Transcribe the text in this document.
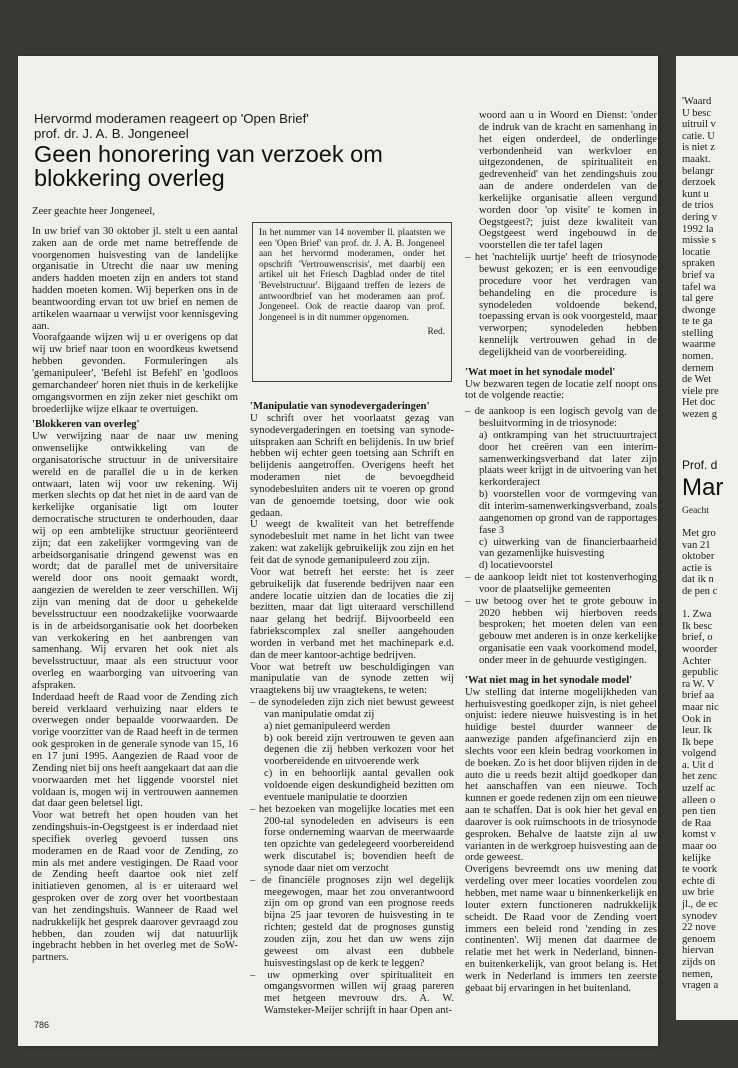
Hervormd moderamen reageert op 'Open Brief' prof. dr. J. A. B. Jongeneel
Geen honorering van verzoek om blokkering overleg

Zeer geachte heer Jongeneel,

In uw brief van 30 oktober jl. stelt u een aantal zaken aan de orde met name betreffende de voorgenomen huisvesting van de landelijke organisatie in Utrecht die naar uw mening anders hadden moeten zijn en anders tot stand hadden moeten komen. Wij beperken ons in de beantwoording ervan tot uw brief en nemen de artikelen waarnaar u verwijst voor kennisgeving aan.

Voorafgaande wijzen wij u er overigens op dat wij uw brief naar toon en woordkeus kwetsend hebben gevonden. Formuleringen als 'gemanipuleer', 'Befehl ist Befehl' en 'godloos gemarchandeer' horen niet thuis in de kerkelijke omgangsvormen en zijn zeker niet geschikt om broederlijke wijze elkaar te overtuigen.

'Blokkeren van overleg'

Uw verwijzing naar de naar uw mening onwenselijke ontwikkeling van de organisatorische structuur in de universitaire wereld en de parallel die u in de kerken ontwaart, laten wij voor uw rekening. Wij merken slechts op dat het niet in de aard van de kerkelijke organisatie ligt om louter democratische structuren te onderhouden, daar wij op een ambtelijke structuur georiënteerd zijn; dat een zakelijker vormgeving van de arbeidsorganisatie dringend gewenst was en wordt; dat de parallel met de universitaire wereld door ons nooit gemaakt wordt, aangezien de werelden te zeer verschillen. Wij zijn van mening dat de door u gehekelde bevelsstructuur een noodzakelijke voorwaarde is in de arbeidsorganisatie ook het doorbeken van verkokering en het aanbrengen van samenhang. Wij ervaren het ook niet als bevelsstructuur, maar als een structuur voor overleg en waarborging van uitvoering van afspraken.

Inderdaad heeft de Raad voor de Zending zich bereid verklaard verhuizing naar elders te overwegen onder bepaalde voorwaarden. De vorige voorzitter van de Raad heeft in de termen ook gesproken in de generale synode van 15, 16 en 17 juni 1995. Aangezien de Raad voor de Zending niet bij ons heeft aangekaart dat aan die voorwaarden met het liggende voorstel niet voldaan is, mogen wij in vertrouwen aannemen dat daar geen beletsel ligt.

Voor wat betreft het open houden van het zendingshuis-in-Oegstgeest is er inderdaad niet specifiek overleg gevoerd tussen ons moderamen en de Raad voor de Zending, zo min als met andere vestigingen. De Raad voor de Zending heeft daartoe ook niet zelf initiatieven genomen, al is er uiteraard wel gesproken over de zorg over het voortbestaan van het zendingshuis. Wanneer de Raad wel nadrukkelijk het gesprek daarover gevraagd zou hebben, dan zouden wij dat natuurlijk ingebracht hebben in het overleg met de SoW-partners.

In het nummer van 14 november ll. plaatsten we een 'Open Brief' van prof. dr. J. A. B. Jongeneel aan het hervormd moderamen, onder het opschrift 'Vertrouwenscrisis', met daarbij een artikel uit het Friesch Dagblad onder de titel 'Bevelstructuur'. Bijgaand treffen de lezers de antwoordbrief van het moderamen aan prof. Jongeneel. Ook de reactie daarop van prof. Jongeneel is in dit nummer opgenomen.
Red.
'Manipulatie van synodevergaderingen'

U schrift over het voorlaatst gezag van synodevergaderingen en toetsing van synode-uitspraken aan Schrift en belijdenis. In uw brief hebben wij echter geen toetsing aan Schrift en belijdenis aangetroffen. Overigens heeft het moderamen niet de bevoegdheid synodebesluiten anders uit te voeren op grond van de genoemde toetsing, door wie ook gedaan.

U weegt de kwaliteit van het betreffende synodebesluit met name in het licht van twee zaken: wat zakelijk gebruikelijk zou zijn en het feit dat de synode gemanipuleerd zou zijn.

Voor wat betreft het eerste: het is zeer gebruikelijk dat fuserende bedrijven naar een andere locatie uitzien dan de locaties die zij bezitten, maar dat ligt uiteraard verschillend naar gelang het bedrijf. Bijvoorbeeld een fabriekscomplex zal sneller aangehouden worden in verband met het machinepark e.d. dan de meer kantoor-achtige bedrijven.

Voor wat betreft uw beschuldigingen van manipulatie van de synode zetten wij vraagtekens bij uw vraagtekens, te weten:

– de synodeleden zijn zich niet bewust geweest van manipulatie omdat zij

a) niet gemanipuleerd werden

b) ook bereid zijn vertrouwen te geven aan degenen die zij hebben verkozen voor het voorbereidende en uitvoerende werk

c) in en behoorlijk aantal gevallen ook voldoende eigen deskundigheid bezitten om eventuele manipulatie te doorzien

– het bezoeken van mogelijke locaties met een 200-tal synodeleden en adviseurs is een forse onderneming waarvan de meerwaarde ten opzichte van gedelegeerd voorbereidend werk discutabel is; bovendien heeft de synode daar niet om verzocht

– de financiële prognoses zijn wel degelijk meegewogen, maar het zou onverantwoord zijn om op grond van een prognose reeds bijna 25 jaar tevoren de huisvesting in te richten; gesteld dat de prognoses gunstig zouden zijn, zou het dan uw wens zijn geweest om alvast een dubbele huisvestingslast op de kerk te leggen?

– uw opmerking over spiritualiteit en omgangsvormen willen wij graag pareren met hetgeen mevrouw drs. A. W. Wamsteker-Meijer schrijft in haar Open ant-

woord aan u in Woord en Dienst: 'onder de indruk van de kracht en samenhang in het eigen onderdeel, de onderlinge verbondenheid van werkvloer en uitgezondenen, de spiritualiteit en gedrevenheid' van het zendingshuis zou aan de andere onderdelen van de kerkelijke organisatie alleen vergund worden door 'op visite' te komen in Oegstgeest?; juist deze kwaliteit van Oegstgeest werd ingebouwd in de voorstellen die ter tafel lagen

– het 'nachtelijk uurtje' heeft de triosynode bewust gekozen; er is een eenvoudige procedure voor het verdragen van behandeling en die procedure is synodeleden voldoende bekend, toepassing ervan is ook voorgesteld, maar verworpen; synodeleden hebben kennelijk vertrouwen gehad in de degelijkheid van de voorbereiding.

'Wat moet in het synodale model'

Uw bezwaren tegen de locatie zelf noopt ons tot de volgende reactie:

– de aankoop is een logisch gevolg van de besluitvorming in de triosynode:

a) ontkramping van het structuurtraject door het creëren van een interim-samenwerkingsverband dat later zijn plaats weer krijgt in de uitvoering van het kerkorderaject

b) voorstellen voor de vormgeving van dit interim-samenwerkingsverband, zoals aangenomen op grond van de rapportages fase 3

c) uitwerking van de financierbaarheid van gezamenlijke huisvesting

d) locatievoorstel

– de aankoop leidt niet tot kostenverhoging voor de plaatselijke gemeenten

– uw betoog over het te grote gebouw in 2020 hebben wij hierboven reeds besproken; het moeten delen van een gebouw met anderen is in onze kerkelijke organisatie een vaak voorkomend model, onder meer in de gehuurde vestigingen.

'Wat niet mag in het synodale model'

Uw stelling dat interne mogelijkheden van herhuisvesting goedkoper zijn, is niet geheel onjuist: iedere nieuwe huisvesting is in het huidige bestel duurder wanneer de aanwezige panden afgefinancierd zijn en slechts voor een klein bedrag voorkomen in de boeken. Zo is het door blijven rijden in de auto die u reeds bezit altijd goedkoper dan het aanschaffen van een nieuwe. Toch kunnen er goede redenen zijn om een nieuwe aan te schaffen. Dat is ook hier het geval en daarover is ook ruimschoots in de triosynode gesproken. Behalve de laatste zijn al uw varianten in de werkgroep huisvesting aan de orde geweest.

Overigens bevreemdt ons uw mening dat verdeling over meer locaties voordelen zou hebben, met name waar u binnenkerkelijk en louter extern functioneren nadrukkelijk scheidt. De Raad voor de Zending voert immers een beleid rond 'zending in zes continenten'. Wij menen dat daarmee de relatie met het werk in Nederland, binnen- en buitenkerkelijk, van groot belang is. Het werk in Nederland is immers ten zeerste gebaat bij ervaringen in het buitenland.

786
'Waard
U besc
uitruil v
catie. U
is niet z
maakt.
belangr
derzoek
kunt u
de trios
dering v
1992 la
missie s
locatie
spraken
brief va
tafel wa
tal gere
dwonge
te te ga
stelling
waarme
nomen.
dernem
de Wet
viele pre
Het doc
wezen g
Prof. d
Mar
Geacht
Met gro
van 21
oktober
actie is
dat ik n
de pen c
1. Zwa
Ik besc
brief, o
woorder
Achter
gepublic
ra W. V
brief aa
maar nic
Ook in
leur. Ik
Ik bepe
volgend
a. Uit d
het zenc
uzelf ac
alleen o
pen tien
de Raa
komst v
maar oo
kelijke
te voork
echte di
uw brie
jl., de ec
synodev
22 nove
genoem
hiervan
zijds on
nemen,
vragen a
